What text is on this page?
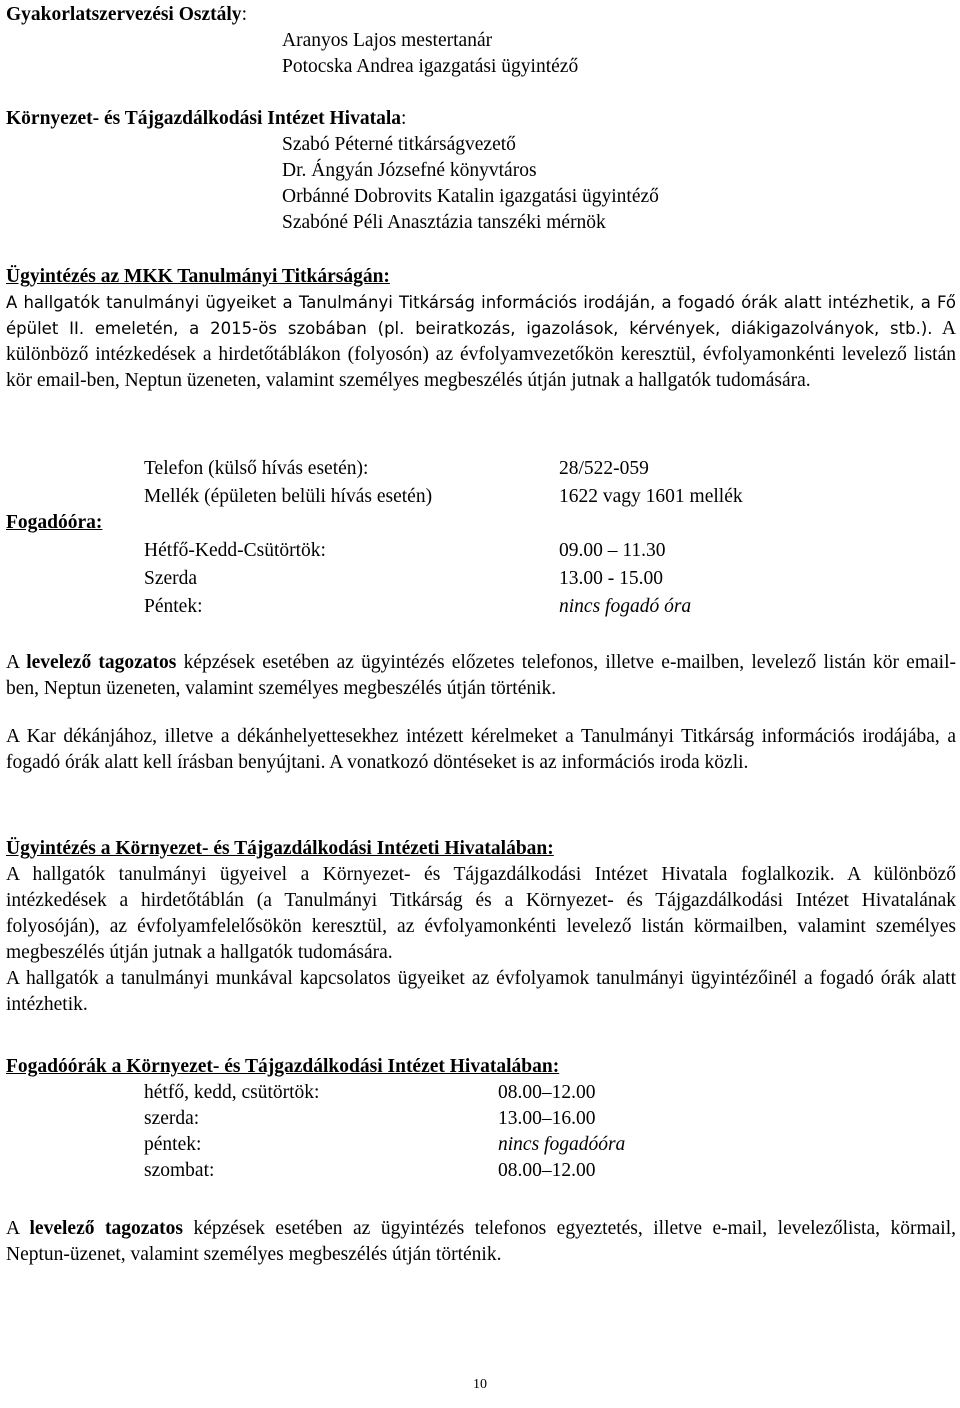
Gyakorlatszervezési Osztály:

Aranyos Lajos mestertanár

Potocska Andrea igazgatási ügyintéző

Környezet- és Tájgazdálkodási Intézet Hivatala:

Szabó Péterné titkárságvezető

Dr. Ángyán Józsefné könyvtáros

Orbánné Dobrovits Katalin igazgatási ügyintéző

Szabóné Péli Anasztázia tanszéki mérnök

Ügyintézés az MKK Tanulmányi Titkárságán:

A hallgatók tanulmányi ügyeiket a Tanulmányi Titkárság információs irodáján, a fogadó órák alatt intézhetik, a Fő épület II. emeletén, a 2015-ös szobában (pl. beiratkozás, igazolások, kérvények, diákigazolványok, stb.). A különböző intézkedések a hirdetőtáblákon (folyosón) az évfolyamvezetőkön keresztül, évfolyamonkénti levelező listán kör email-ben, Neptun üzeneten, valamint személyes megbeszélés útján jutnak a hallgatók tudomására.

Fogadóóra:
Telefon (külső hívás esetén):	28/522-059
Mellék (épületen belüli hívás esetén)	1622 vagy 1601 mellék
Hétfő-Kedd-Csütörtök:	09.00 – 11.30
Szerda	13.00 - 15.00
Péntek:	nincs fogadó óra

A levelező tagozatos képzések esetében az ügyintézés előzetes telefonos, illetve e-mailben, levelező listán kör email-ben, Neptun üzeneten, valamint személyes megbeszélés útján történik.

A Kar dékánjához, illetve a dékánhelyettesekhez intézett kérelmeket a Tanulmányi Titkárság információs irodájába, a fogadó órák alatt kell írásban benyújtani. A vonatkozó döntéseket is az információs iroda közli.

Ügyintézés a Környezet- és Tájgazdálkodási Intézeti Hivatalában:

A hallgatók tanulmányi ügyeivel a Környezet- és Tájgazdálkodási Intézet Hivatala foglalkozik. A különböző intézkedések a hirdetőtáblán (a Tanulmányi Titkárság és a Környezet- és Tájgazdálkodási Intézet Hivatalának folyosóján), az évfolyamfelelősökön keresztül, az évfolyamonkénti levelező listán körmailben, valamint személyes megbeszélés útján jutnak a hallgatók tudomására.

A hallgatók a tanulmányi munkával kapcsolatos ügyeiket az évfolyamok tanulmányi ügyintézőinél a fogadó órák alatt intézhetik.

Fogadóórák a Környezet- és Tájgazdálkodási Intézet Hivatalában:

hétfő, kedd, csütörtök:	08.00–12.00
szerda:	13.00–16.00
péntek:	nincs fogadóóra
szombat:	08.00–12.00

A levelező tagozatos képzések esetében az ügyintézés telefonos egyeztetés, illetve e-mail, levelezőlista, körmail, Neptun-üzenet, valamint személyes megbeszélés útján történik.

10
